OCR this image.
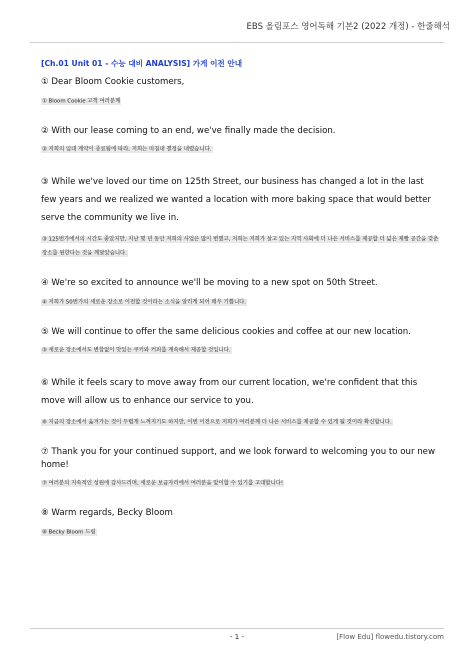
EBS 올림포스 영어독해 기본2 (2022 개정) - 한줄해석
[Ch.01 Unit 01 - 수능 대비 ANALYSIS] 가게 이전 안내

① Dear Bloom Cookie customers,

① Bloom Cookie 고객 여러분께

② With our lease coming to an end, we've finally made the decision.

② 저희의 임대 계약이 종료됨에 따라, 저희는 마침내 결정을 내렸습니다.

③ While we've loved our time on 125th Street, our business has changed a lot in the last few years and we realized we wanted a location with more baking space that would better serve the community we live in.

③ 125번가에서의 시간도 좋았지만, 지난 몇 년 동안 저희의 사업은 많이 변했고, 저희는 저희가 살고 있는 지역 사회에 더 나은 서비스를 제공할 더 넓은 제빵 공간을 갖춘 장소를 원한다는 것을 깨달았습니다.

④ We're so excited to announce we'll be moving to a new spot on 50th Street.

④ 저희가 50번가의 새로운 장소로 이전할 것이라는 소식을 알리게 되어 매우 기쁩니다.

⑤ We will continue to offer the same delicious cookies and coffee at our new location.

⑤ 새로운 장소에서도 변함없이 맛있는 쿠키와 커피를 계속해서 제공할 것입니다.

⑥ While it feels scary to move away from our current location, we're confident that this move will allow us to enhance our service to you.

⑥ 지금의 장소에서 옮겨가는 것이 두렵게 느껴지기도 하지만, 이번 이전으로 저희가 여러분께 더 나은 서비스를 제공할 수 있게 될 것이라 확신합니다.

⑦ Thank you for your continued support, and we look forward to welcoming you to our new home!

⑦ 여러분의 지속적인 성원에 감사드리며, 새로운 보금자리에서 여러분을 맞이할 수 있기를 고대합니다!

⑧ Warm regards, Becky Bloom

⑧ Becky Bloom 드림
- 1 -	[Flow Edu] flowedu.tistory.com
